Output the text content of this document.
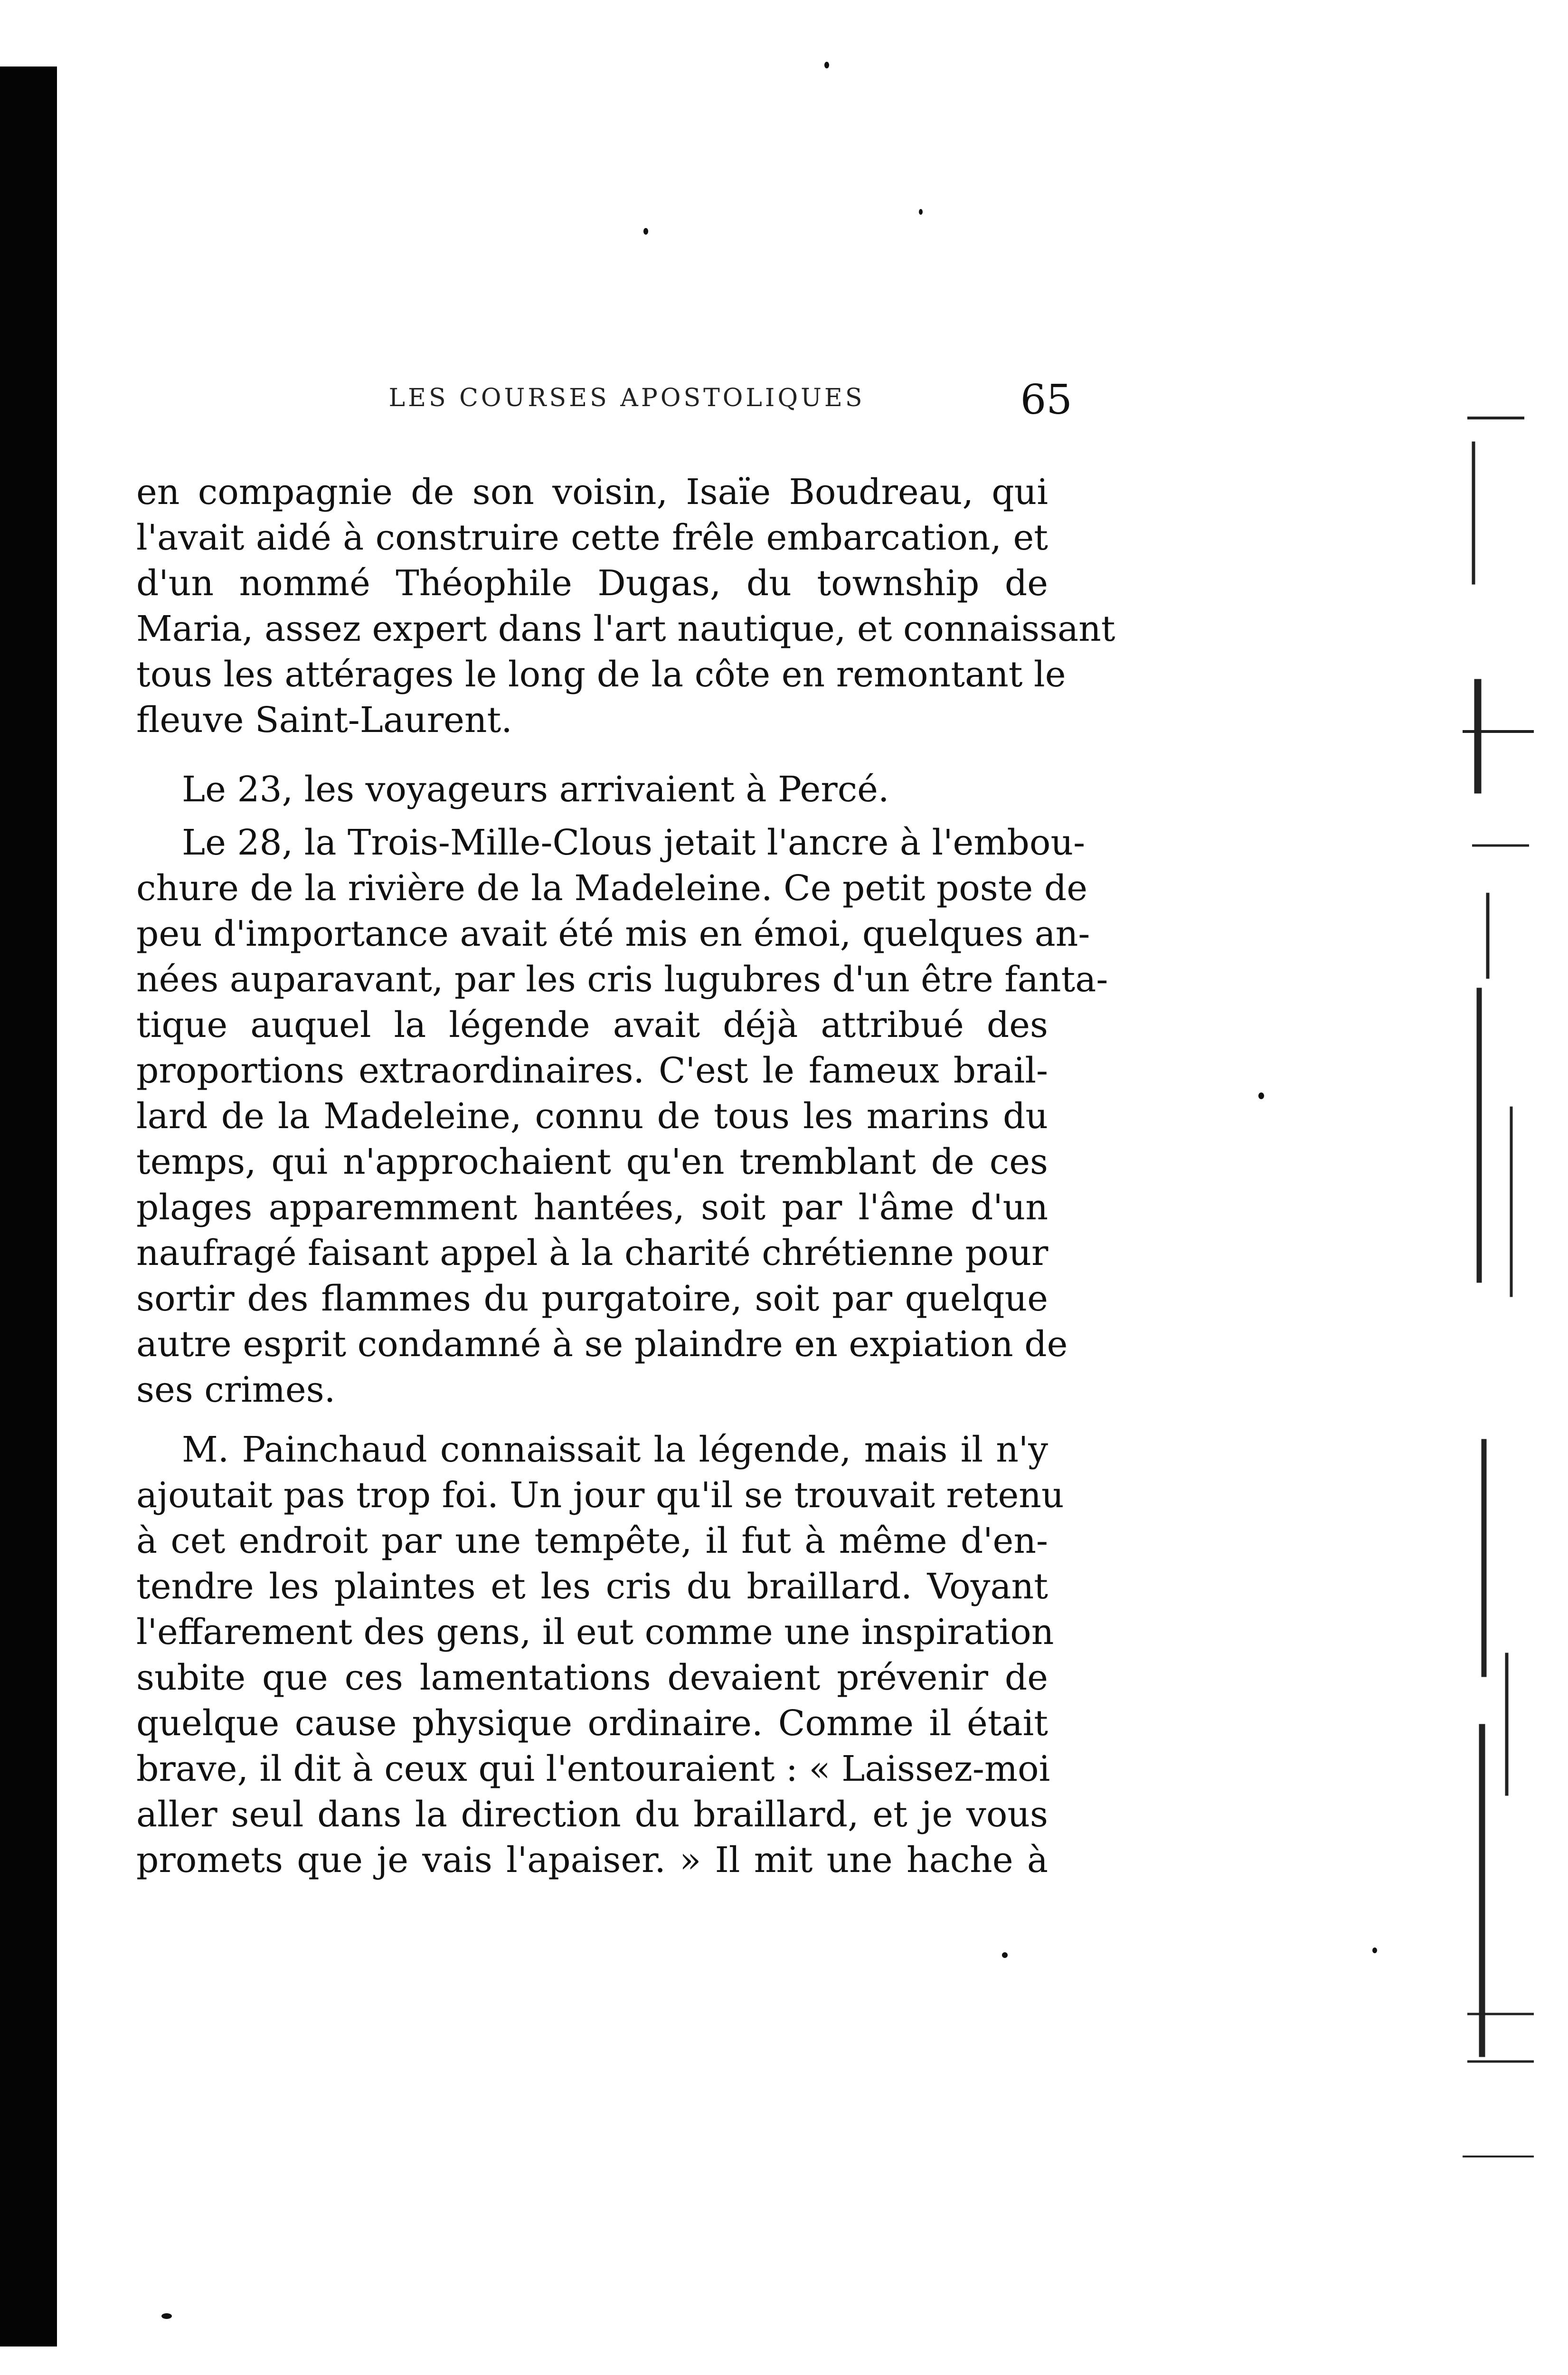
LES COURSES APOSTOLIQUES	65
en compagnie de son voisin, Isaïe Boudreau, qui
l'avait aidé à construire cette frêle embarcation, et
d'un nommé Théophile Dugas, du township de
Maria, assez expert dans l'art nautique, et connaissant
tous les attérages le long de la côte en remontant le
fleuve Saint-Laurent.
Le 23, les voyageurs arrivaient à Percé.
Le 28, la Trois-Mille-Clous jetait l'ancre à l'embou-
chure de la rivière de la Madeleine. Ce petit poste de
peu d'importance avait été mis en émoi, quelques an-
nées auparavant, par les cris lugubres d'un être fanta-
tique auquel la légende avait déjà attribué des
proportions extraordinaires. C'est le fameux brail-
lard de la Madeleine, connu de tous les marins du
temps, qui n'approchaient qu'en tremblant de ces
plages apparemment hantées, soit par l'âme d'un
naufragé faisant appel à la charité chrétienne pour
sortir des flammes du purgatoire, soit par quelque
autre esprit condamné à se plaindre en expiation de
ses crimes.
M. Painchaud connaissait la légende, mais il n'y
ajoutait pas trop foi. Un jour qu'il se trouvait retenu
à cet endroit par une tempête, il fut à même d'en-
tendre les plaintes et les cris du braillard. Voyant
l'effarement des gens, il eut comme une inspiration
subite que ces lamentations devaient prévenir de
quelque cause physique ordinaire. Comme il était
brave, il dit à ceux qui l'entouraient : « Laissez-moi
aller seul dans la direction du braillard, et je vous
promets que je vais l'apaiser. » Il mit une hache à
